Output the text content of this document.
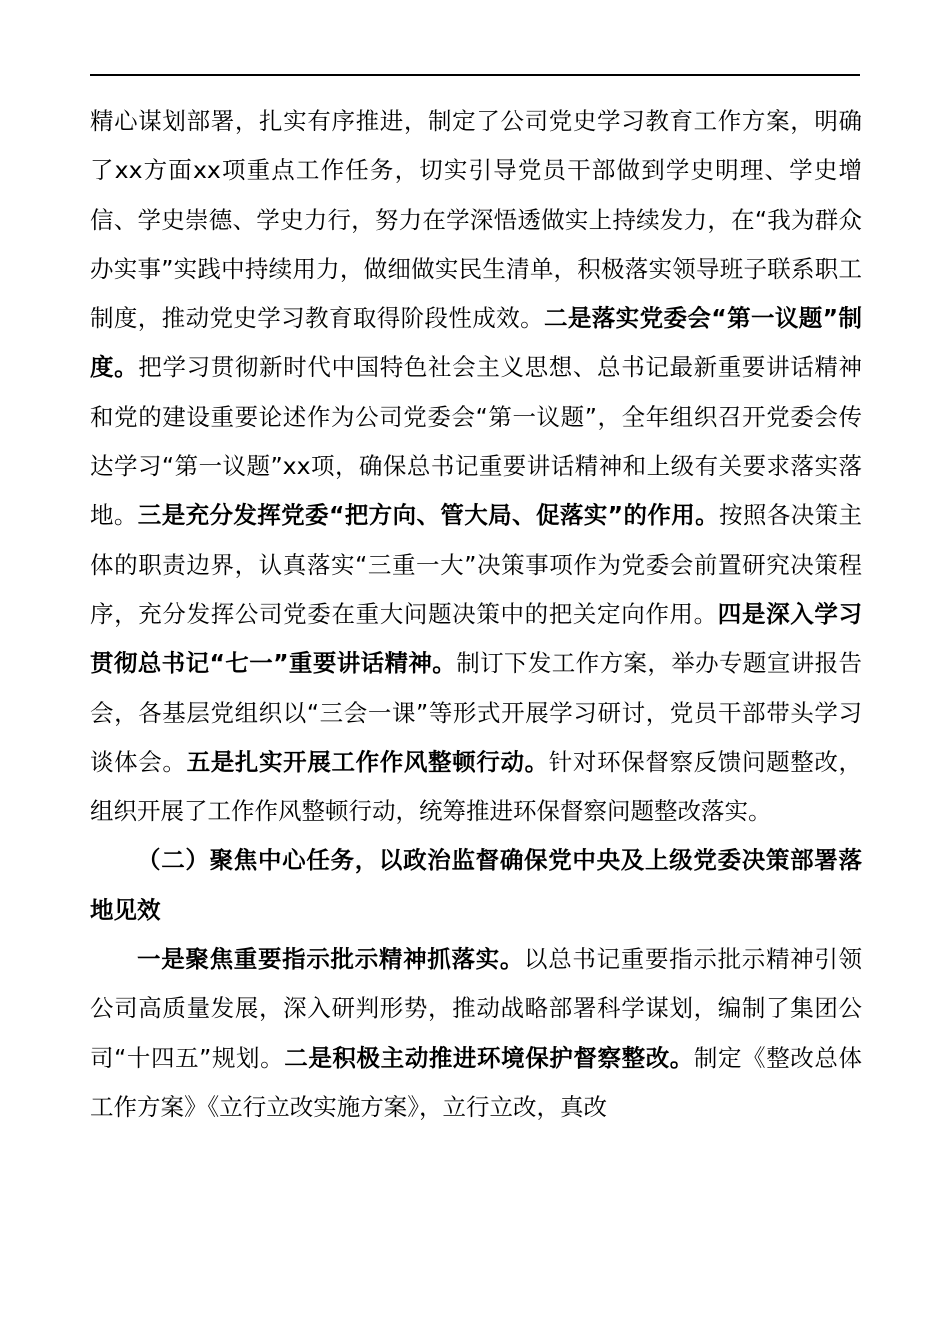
精心谋划部署，扎实有序推进，制定了公司党史学习教育工作方案，明确了xx方面xx项重点工作任务，切实引导党员干部做到学史明理、学史增信、学史崇德、学史力行，努力在学深悟透做实上持续发力，在“我为群众办实事”实践中持续用力，做细做实民生清单，积极落实领导班子联系职工制度，推动党史学习教育取得阶段性成效。二是落实党委会“第一议题”制度。把学习贯彻新时代中国特色社会主义思想、总书记最新重要讲话精神和党的建设重要论述作为公司党委会“第一议题”，全年组织召开党委会传达学习“第一议题”xx项，确保总书记重要讲话精神和上级有关要求落实落地。三是充分发挥党委“把方向、管大局、促落实”的作用。按照各决策主体的职责边界，认真落实“三重一大”决策事项作为党委会前置研究决策程序，充分发挥公司党委在重大问题决策中的把关定向作用。四是深入学习贯彻总书记“七一”重要讲话精神。制订下发工作方案，举办专题宣讲报告会，各基层党组织以“三会一课”等形式开展学习研讨，党员干部带头学习谈体会。五是扎实开展工作作风整顿行动。针对环保督察反馈问题整改，组织开展了工作作风整顿行动，统筹推进环保督察问题整改落实。

（二）聚焦中心任务，以政治监督确保党中央及上级党委决策部署落地见效

一是聚焦重要指示批示精神抓落实。以总书记重要指示批示精神引领公司高质量发展，深入研判形势，推动战略部署科学谋划，编制了集团公司“十四五”规划。二是积极主动推进环境保护督察整改。制定《整改总体工作方案》《立行立改实施方案》，立行立改，真改
